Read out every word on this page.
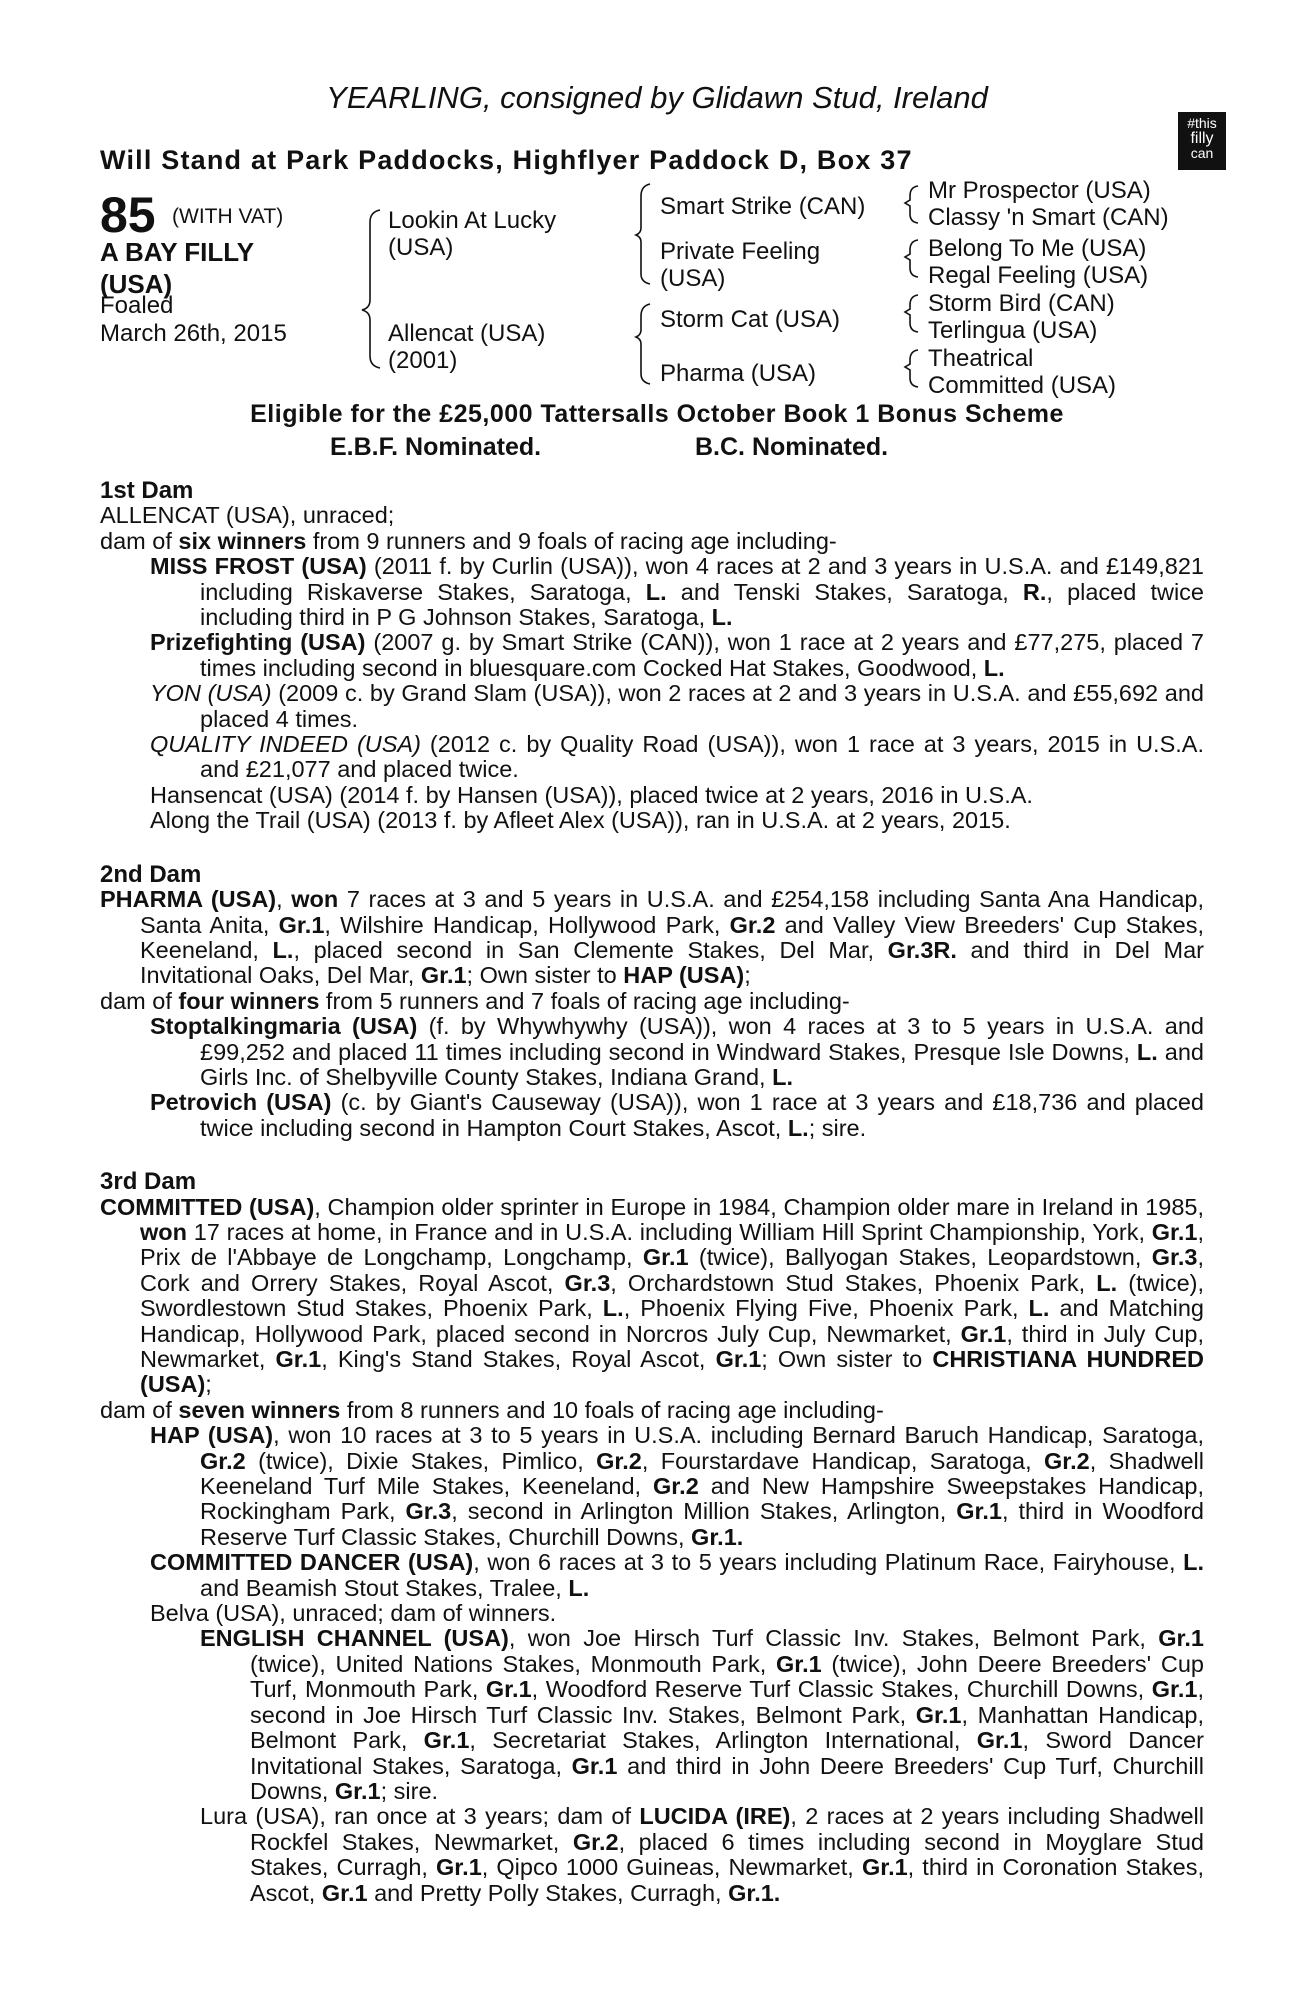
YEARLING, consigned by Glidawn Stud, Ireland
Will Stand at Park Paddocks, Highflyer Paddock D, Box 37
#this
filly
can
85 (WITH VAT)
A BAY FILLY
(USA)
Foaled
March 26th, 2015
Lookin At Lucky
(USA)
Allencat (USA)
(2001)
Smart Strike (CAN)
Private Feeling
(USA)
Storm Cat (USA)
Pharma (USA)
Mr Prospector (USA)
Classy 'n Smart (CAN)
Belong To Me (USA)
Regal Feeling (USA)
Storm Bird (CAN)
Terlingua (USA)
Theatrical
Committed (USA)
Eligible for the £25,000 Tattersalls October Book 1 Bonus Scheme
E.B.F. Nominated.	B.C. Nominated.
1st Dam
ALLENCAT (USA), unraced;
dam of six winners from 9 runners and 9 foals of racing age including-
MISS FROST (USA) (2011 f. by Curlin (USA)), won 4 races at 2 and 3 years in U.S.A. and £149,821 including Riskaverse Stakes, Saratoga, L. and Tenski Stakes, Saratoga, R., placed twice including third in P G Johnson Stakes, Saratoga, L.
Prizefighting (USA) (2007 g. by Smart Strike (CAN)), won 1 race at 2 years and £77,275, placed 7 times including second in bluesquare.com Cocked Hat Stakes, Goodwood, L.
YON (USA) (2009 c. by Grand Slam (USA)), won 2 races at 2 and 3 years in U.S.A. and £55,692 and placed 4 times.
QUALITY INDEED (USA) (2012 c. by Quality Road (USA)), won 1 race at 3 years, 2015 in U.S.A. and £21,077 and placed twice.
Hansencat (USA) (2014 f. by Hansen (USA)), placed twice at 2 years, 2016 in U.S.A.
Along the Trail (USA) (2013 f. by Afleet Alex (USA)), ran in U.S.A. at 2 years, 2015.
2nd Dam
PHARMA (USA), won 7 races at 3 and 5 years in U.S.A. and £254,158 including Santa Ana Handicap, Santa Anita, Gr.1, Wilshire Handicap, Hollywood Park, Gr.2 and Valley View Breeders' Cup Stakes, Keeneland, L., placed second in San Clemente Stakes, Del Mar, Gr.3R. and third in Del Mar Invitational Oaks, Del Mar, Gr.1; Own sister to HAP (USA);
dam of four winners from 5 runners and 7 foals of racing age including-
Stoptalkingmaria (USA) (f. by Whywhywhy (USA)), won 4 races at 3 to 5 years in U.S.A. and £99,252 and placed 11 times including second in Windward Stakes, Presque Isle Downs, L. and Girls Inc. of Shelbyville County Stakes, Indiana Grand, L.
Petrovich (USA) (c. by Giant's Causeway (USA)), won 1 race at 3 years and £18,736 and placed twice including second in Hampton Court Stakes, Ascot, L.; sire.
3rd Dam
COMMITTED (USA), Champion older sprinter in Europe in 1984, Champion older mare in Ireland in 1985, won 17 races at home, in France and in U.S.A. including William Hill Sprint Championship, York, Gr.1, Prix de l'Abbaye de Longchamp, Longchamp, Gr.1 (twice), Ballyogan Stakes, Leopardstown, Gr.3, Cork and Orrery Stakes, Royal Ascot, Gr.3, Orchardstown Stud Stakes, Phoenix Park, L. (twice), Swordlestown Stud Stakes, Phoenix Park, L., Phoenix Flying Five, Phoenix Park, L. and Matching Handicap, Hollywood Park, placed second in Norcros July Cup, Newmarket, Gr.1, third in July Cup, Newmarket, Gr.1, King's Stand Stakes, Royal Ascot, Gr.1; Own sister to CHRISTIANA HUNDRED (USA);
dam of seven winners from 8 runners and 10 foals of racing age including-
HAP (USA), won 10 races at 3 to 5 years in U.S.A. including Bernard Baruch Handicap, Saratoga, Gr.2 (twice), Dixie Stakes, Pimlico, Gr.2, Fourstardave Handicap, Saratoga, Gr.2, Shadwell Keeneland Turf Mile Stakes, Keeneland, Gr.2 and New Hampshire Sweepstakes Handicap, Rockingham Park, Gr.3, second in Arlington Million Stakes, Arlington, Gr.1, third in Woodford Reserve Turf Classic Stakes, Churchill Downs, Gr.1.
COMMITTED DANCER (USA), won 6 races at 3 to 5 years including Platinum Race, Fairyhouse, L. and Beamish Stout Stakes, Tralee, L.
Belva (USA), unraced; dam of winners.
ENGLISH CHANNEL (USA), won Joe Hirsch Turf Classic Inv. Stakes, Belmont Park, Gr.1 (twice), United Nations Stakes, Monmouth Park, Gr.1 (twice), John Deere Breeders' Cup Turf, Monmouth Park, Gr.1, Woodford Reserve Turf Classic Stakes, Churchill Downs, Gr.1, second in Joe Hirsch Turf Classic Inv. Stakes, Belmont Park, Gr.1, Manhattan Handicap, Belmont Park, Gr.1, Secretariat Stakes, Arlington International, Gr.1, Sword Dancer Invitational Stakes, Saratoga, Gr.1 and third in John Deere Breeders' Cup Turf, Churchill Downs, Gr.1; sire.
Lura (USA), ran once at 3 years; dam of LUCIDA (IRE), 2 races at 2 years including Shadwell Rockfel Stakes, Newmarket, Gr.2, placed 6 times including second in Moyglare Stud Stakes, Curragh, Gr.1, Qipco 1000 Guineas, Newmarket, Gr.1, third in Coronation Stakes, Ascot, Gr.1 and Pretty Polly Stakes, Curragh, Gr.1.
